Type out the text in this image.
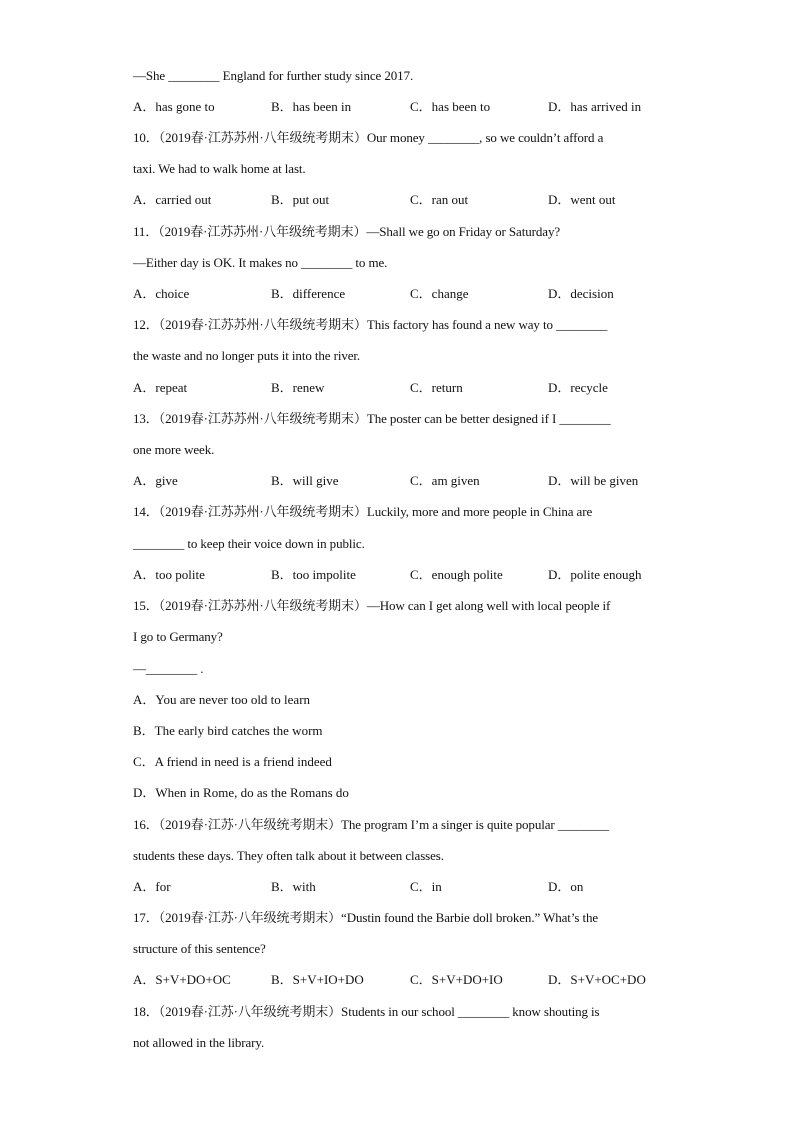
—She ________ England for further study since 2017.
A．has gone to	B．has been in	C．has been to	D．has arrived in
10．（2019春·江苏苏州·八年级统考期末）Our money ________, so we couldn’t afford a
taxi. We had to walk home at last.
A．carried out	B．put out	C．ran out	D．went out
11．（2019春·江苏苏州·八年级统考期末）—Shall we go on Friday or Saturday?
—Either day is OK. It makes no ________ to me.
A．choice	B．difference	C．change	D．decision
12．（2019春·江苏苏州·八年级统考期末）This factory has found a new way to ________
the waste and no longer puts it into the river.
A．repeat	B．renew	C．return	D．recycle
13．（2019春·江苏苏州·八年级统考期末）The poster can be better designed if I ________
one more week.
A．give	B．will give	C．am given	D．will be given
14．（2019春·江苏苏州·八年级统考期末）Luckily, more and more people in China are
________ to keep their voice down in public.
A．too polite	B．too impolite	C．enough polite	D．polite enough
15．（2019春·江苏苏州·八年级统考期末）—How can I get along well with local people if
I go to Germany?
—________ .
A．You are never too old to learn
B．The early bird catches the worm
C．A friend in need is a friend indeed
D．When in Rome, do as the Romans do
16．（2019春·江苏·八年级统考期末）The program I’m a singer is quite popular ________
students these days. They often talk about it between classes.
A．for	B．with	C．in	D．on
17．（2019春·江苏·八年级统考期末）“Dustin found the Barbie doll broken.” What’s the
structure of this sentence?
A．S+V+DO+OC	B．S+V+IO+DO	C．S+V+DO+IO	D．S+V+OC+DO
18．（2019春·江苏·八年级统考期末）Students in our school ________ know shouting is
not allowed in the library.
